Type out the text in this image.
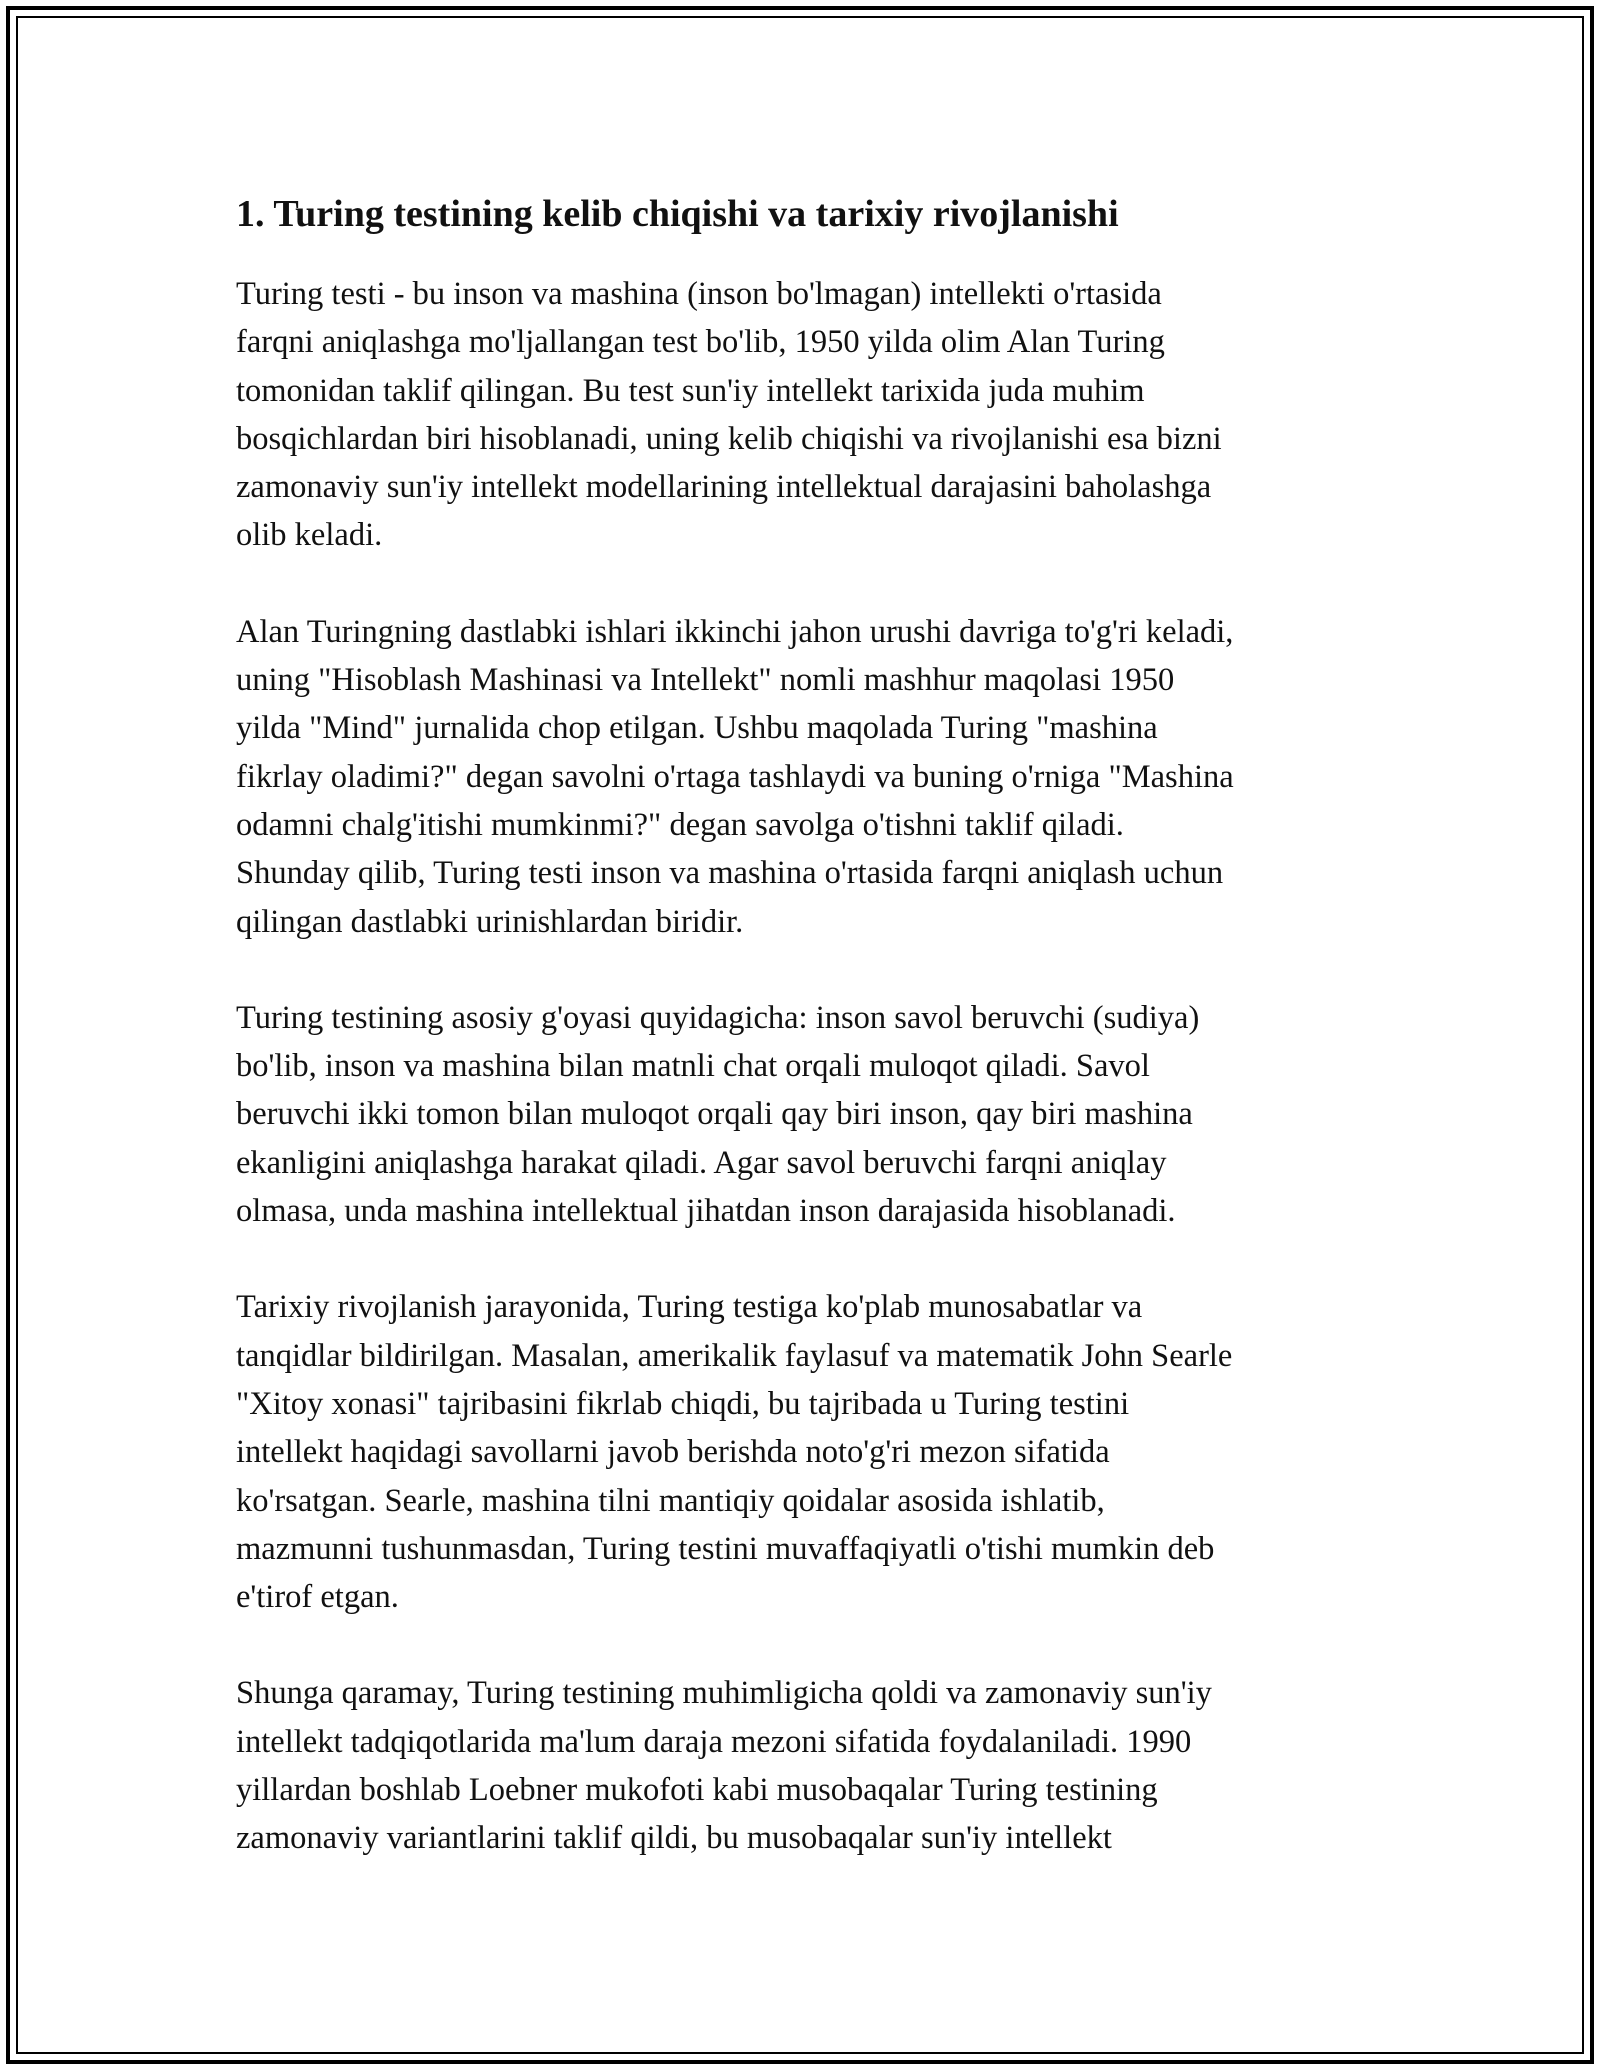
1. Turing testining kelib chiqishi va tarixiy rivojlanishi

Turing testi - bu inson va mashina (inson bo'lmagan) intellekti o'rtasida
farqni aniqlashga mo'ljallangan test bo'lib, 1950 yilda olim Alan Turing
tomonidan taklif qilingan. Bu test sun'iy intellekt tarixida juda muhim
bosqichlardan biri hisoblanadi, uning kelib chiqishi va rivojlanishi esa bizni
zamonaviy sun'iy intellekt modellarining intellektual darajasini baholashga
olib keladi.

Alan Turingning dastlabki ishlari ikkinchi jahon urushi davriga to'g'ri keladi,
uning "Hisoblash Mashinasi va Intellekt" nomli mashhur maqolasi 1950
yilda "Mind" jurnalida chop etilgan. Ushbu maqolada Turing "mashina
fikrlay oladimi?" degan savolni o'rtaga tashlaydi va buning o'rniga "Mashina
odamni chalg'itishi mumkinmi?" degan savolga o'tishni taklif qiladi.
Shunday qilib, Turing testi inson va mashina o'rtasida farqni aniqlash uchun
qilingan dastlabki urinishlardan biridir.

Turing testining asosiy g'oyasi quyidagicha: inson savol beruvchi (sudiya)
bo'lib, inson va mashina bilan matnli chat orqali muloqot qiladi. Savol
beruvchi ikki tomon bilan muloqot orqali qay biri inson, qay biri mashina
ekanligini aniqlashga harakat qiladi. Agar savol beruvchi farqni aniqlay
olmasa, unda mashina intellektual jihatdan inson darajasida hisoblanadi.

Tarixiy rivojlanish jarayonida, Turing testiga ko'plab munosabatlar va
tanqidlar bildirilgan. Masalan, amerikalik faylasuf va matematik John Searle
"Xitoy xonasi" tajribasini fikrlab chiqdi, bu tajribada u Turing testini
intellekt haqidagi savollarni javob berishda noto'g'ri mezon sifatida
ko'rsatgan. Searle, mashina tilni mantiqiy qoidalar asosida ishlatib,
mazmunni tushunmasdan, Turing testini muvaffaqiyatli o'tishi mumkin deb
e'tirof etgan.

Shunga qaramay, Turing testining muhimligicha qoldi va zamonaviy sun'iy
intellekt tadqiqotlarida ma'lum daraja mezoni sifatida foydalaniladi. 1990
yillardan boshlab Loebner mukofoti kabi musobaqalar Turing testining
zamonaviy variantlarini taklif qildi, bu musobaqalar sun'iy intellekt
